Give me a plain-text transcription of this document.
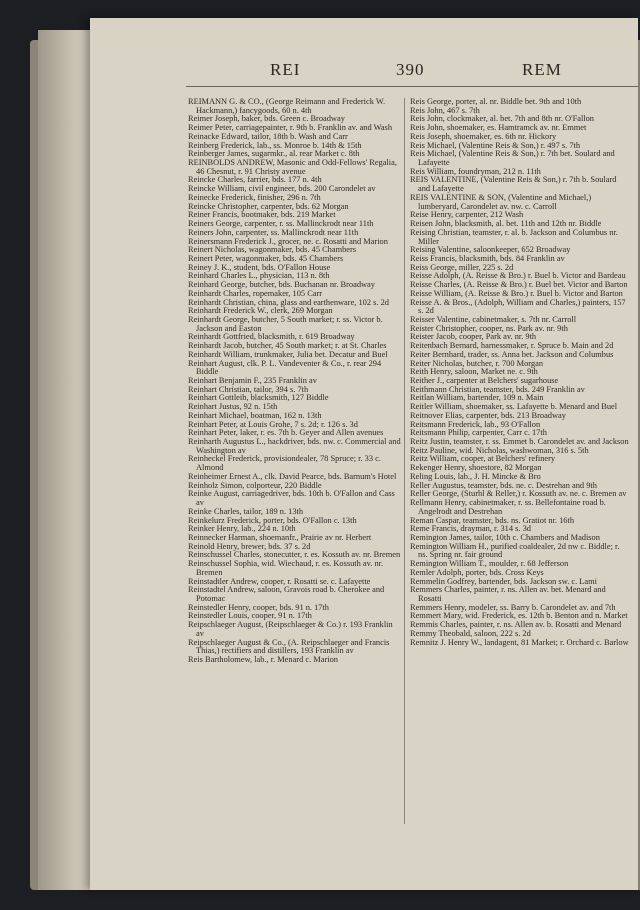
REI	390	REM

REIMANN G. & CO., (George Reimann and Frederick W. Hackmann,) fancygoods, 60 n. 4th

Reimer Joseph, baker, bds. Green c. Broadway

Reimer Peter, carriagepainter, r. 9th b. Franklin av. and Wash

Reinacke Edward, tailor, 18th b. Wash and Carr

Reinberg Frederick, lab., ss. Monroe b. 14th & 15th

Reinberger James, sugarmkr., al. rear Market c. 8th

REINBOLDS ANDREW, Masonic and Odd-Fellows' Regalia, 46 Chesnut, r. 91 Christy avenue

Reincke Charles, farrier, bds. 177 n. 4th

Reincke William, civil engineer, bds. 200 Carondelet av

Reinecke Frederick, finisher, 296 n. 7th

Reincke Christopher, carpenter, bds. 62 Morgan

Reiner Francis, bootmaker, bds. 219 Market

Reiners George, carpenter, r. ss. Mallinckrodt near 11th

Reiners John, carpenter, ss. Mallinckrodt near 11th

Reinersmann Frederick J., grocer, ne. c. Rosatti and Marion

Reinert Nicholas, wagonmaker, bds. 45 Chambers

Reinert Peter, wagonmaker, bds. 45 Chambers

Reiney J. K., student, bds. O'Fallon House

Reinhard Charles L., physician, 113 n. 8th

Reinhard George, butcher, bds. Buchanan nr. Broadway

Reinhardt Charles, ropemaker, 105 Carr

Reinhardt Christian, china, glass and earthenware, 102 s. 2d

Reinhardt Frederick W., clerk, 269 Morgan

Reinhardt George, butcher, 5 South market; r. ss. Victor b. Jackson and Easton

Reinhardt Gottfried, blacksmith, r. 619 Broadway

Reinhardt Jacob, butcher, 45 South market; r. at St. Charles

Reinhardt William, trunkmaker, Julia bet. Decatur and Buel

Reinhart August, clk. P. L. Vandeventer & Co., r. rear 294 Biddle

Reinhart Benjamin F., 235 Franklin av

Reinhart Christian, tailor, 394 s. 7th

Reinhart Gottleib, blacksmith, 127 Biddle

Reinhart Justus, 92 n. 15th

Reinhart Michael, boatman, 162 n. 13th

Reinhart Peter, at Louis Grohe, 7 s. 2d; r. 126 s. 3d

Reinhart Peter, laker, r. es. 7th b. Geyer and Allen avenues

Reinharth Augustus L., hackdriver, bds. nw. c. Commercial and Washington av

Reinheckel Frederick, provisiondealer, 78 Spruce; r. 33 c. Almond

Reinheimer Ernest A., clk. David Pearce, bds. Barnum's Hotel

Reinholz Simon, colporteur, 220 Biddle

Reinke August, carriagedriver, bds. 10th b. O'Fallon and Cass av

Reinke Charles, tailor, 189 n. 13th

Reinkelurz Frederick, porter, bds. O'Fallon c. 13th

Reinker Henry, lab., 224 n. 10th

Reinnecker Harman, shoemanfr., Prairie av nr. Herbert

Reinold Henry, brewer, bds. 37 s. 2d

Reinschussel Charles, stonecutter, r. es. Kossuth av. nr. Bremen

Reinschussel Sophia, wid. Wiechaud, r. es. Kossuth av. nr. Bremen

Reinstadtler Andrew, cooper, r. Rosatti se. c. Lafayette

Reinstadtel Andrew, saloon, Gravois road b. Cherokee and Potomac

Reinstedler Henry, cooper, bds. 91 n. 17th

Reinstedler Louis, cooper, 91 n. 17th

Reipschlaeger August, (Reipschlaeger & Co.) r. 193 Franklin av

Reipschlaeger August & Co., (A. Reipschlaeger and Francis Thias,) rectifiers and distillers, 193 Franklin av

Reis Bartholomew, lab., r. Menard c. Marion

Reis George, porter, al. nr. Biddle bet. 9th and 10th

Reis John, 467 s. 7th

Reis John, clockmaker, al. bet. 7th and 8th nr. O'Fallon

Reis John, shoemaker, es. Hamtramck av. nr. Emmet

Reis Joseph, shoemaker, es. 6th nr. Hickory

Reis Michael, (Valentine Reis & Son,) r. 497 s. 7th

Reis Michael, (Valentine Reis & Son,) r. 7th bet. Soulard and Lafayette

Reis William, foundryman, 212 n. 11th

REIS VALENTINE, (Valentine Reis & Son,) r. 7th b. Soulard and Lafayette

REIS VALENTINE & SON, (Valentine and Michael,) lumberyard, Carondelet av. nw. c. Carroll

Reise Henry, carpenter, 212 Wash

Reisen John, blacksmith, al. bet. 11th and 12th nr. Biddle

Reising Christian, teamster, r. al. b. Jackson and Columbus nr. Miller

Reising Valentine, saloonkeeper, 652 Broadway

Reiss Francis, blacksmith, bds. 84 Franklin av

Reiss George, miller, 225 s. 2d

Reisse Adolph, (A. Reisse & Bro.) r. Buel b. Victor and Bardeau

Reisse Charles, (A. Reisse & Bro.) r. Buel bet. Victor and Barton

Reisse William, (A. Reisse & Bro.) r. Buel b. Victor and Barton

Reisse A. & Bros., (Adolph, William and Charles,) painters, 157 s. 2d

Reisser Valentine, cabinetmaker, s. 7th nr. Carroll

Reister Christopher, cooper, ns. Park av. nr. 9th

Reister Jacob, cooper, Park av. nr. 9th

Reitenbach Bernard, harnessmaker, r. Spruce b. Main and 2d

Reiter Bernhard, trader, ss. Anna bet. Jackson and Columbus

Reiter Nicholas, butcher, r. 700 Morgan

Reith Henry, saloon, Market ne. c. 9th

Reither J., carpenter at Belchers' sugarhouse

Reithmann Christian, teamster, bds. 249 Franklin av

Reitlan William, bartender, 109 n. Main

Reitler William, shoemaker, ss. Lafayette b. Menard and Buel

Reitnover Elias, carpenter, bds. 213 Broadway

Reitsmann Frederick, lab., 93 O'Fallon

Reitsmann Philip, carpenter, Carr c. 17th

Reitz Justin, teamster, r. ss. Emmet b. Carondelet av. and Jackson

Reitz Pauline, wid. Nicholas, washwoman, 316 s. 5th

Reitz William, cooper, at Belchers' refinery

Rekenger Henry, shoestore, 82 Morgan

Reling Louis, lab., J. H. Mincke & Bro

Reller Augustus, teamster, bds. ne. c. Destrehan and 9th

Reller George, (Sturhl & Reller,) r. Kossuth av. ne. c. Bremen av

Rellmann Henry, cabinetmaker, r. ss. Bellefontaine road b. Angelrodt and Destrehan

Reman Caspar, teamster, bds. ns. Gratiot nr. 16th

Reme Francis, drayman, r. 314 s. 3d

Remington James, tailor, 10th c. Chambers and Madison

Remington William H., purified coaldealer, 2d nw c. Biddle; r. ns. Spring nr. fair ground

Remington William T., moulder, r. 68 Jefferson

Remler Adolph, porter, bds. Cross Keys

Remmelin Godfrey, bartender, bds. Jackson sw. c. Lami

Remmers Charles, painter, r. ns. Allen av. bet. Menard and Rosatti

Remmers Henry, modeler, ss. Barry b. Carondelet av. and 7th

Remmert Mary, wid. Frederick, es. 12th b. Benton and n. Market

Remmis Charles, painter, r. ns. Allen av. b. Rosatti and Menard

Remmy Theobald, saloon, 222 s. 2d

Remnitz J. Henry W., landagent, 81 Market; r. Orchard c. Barlow
